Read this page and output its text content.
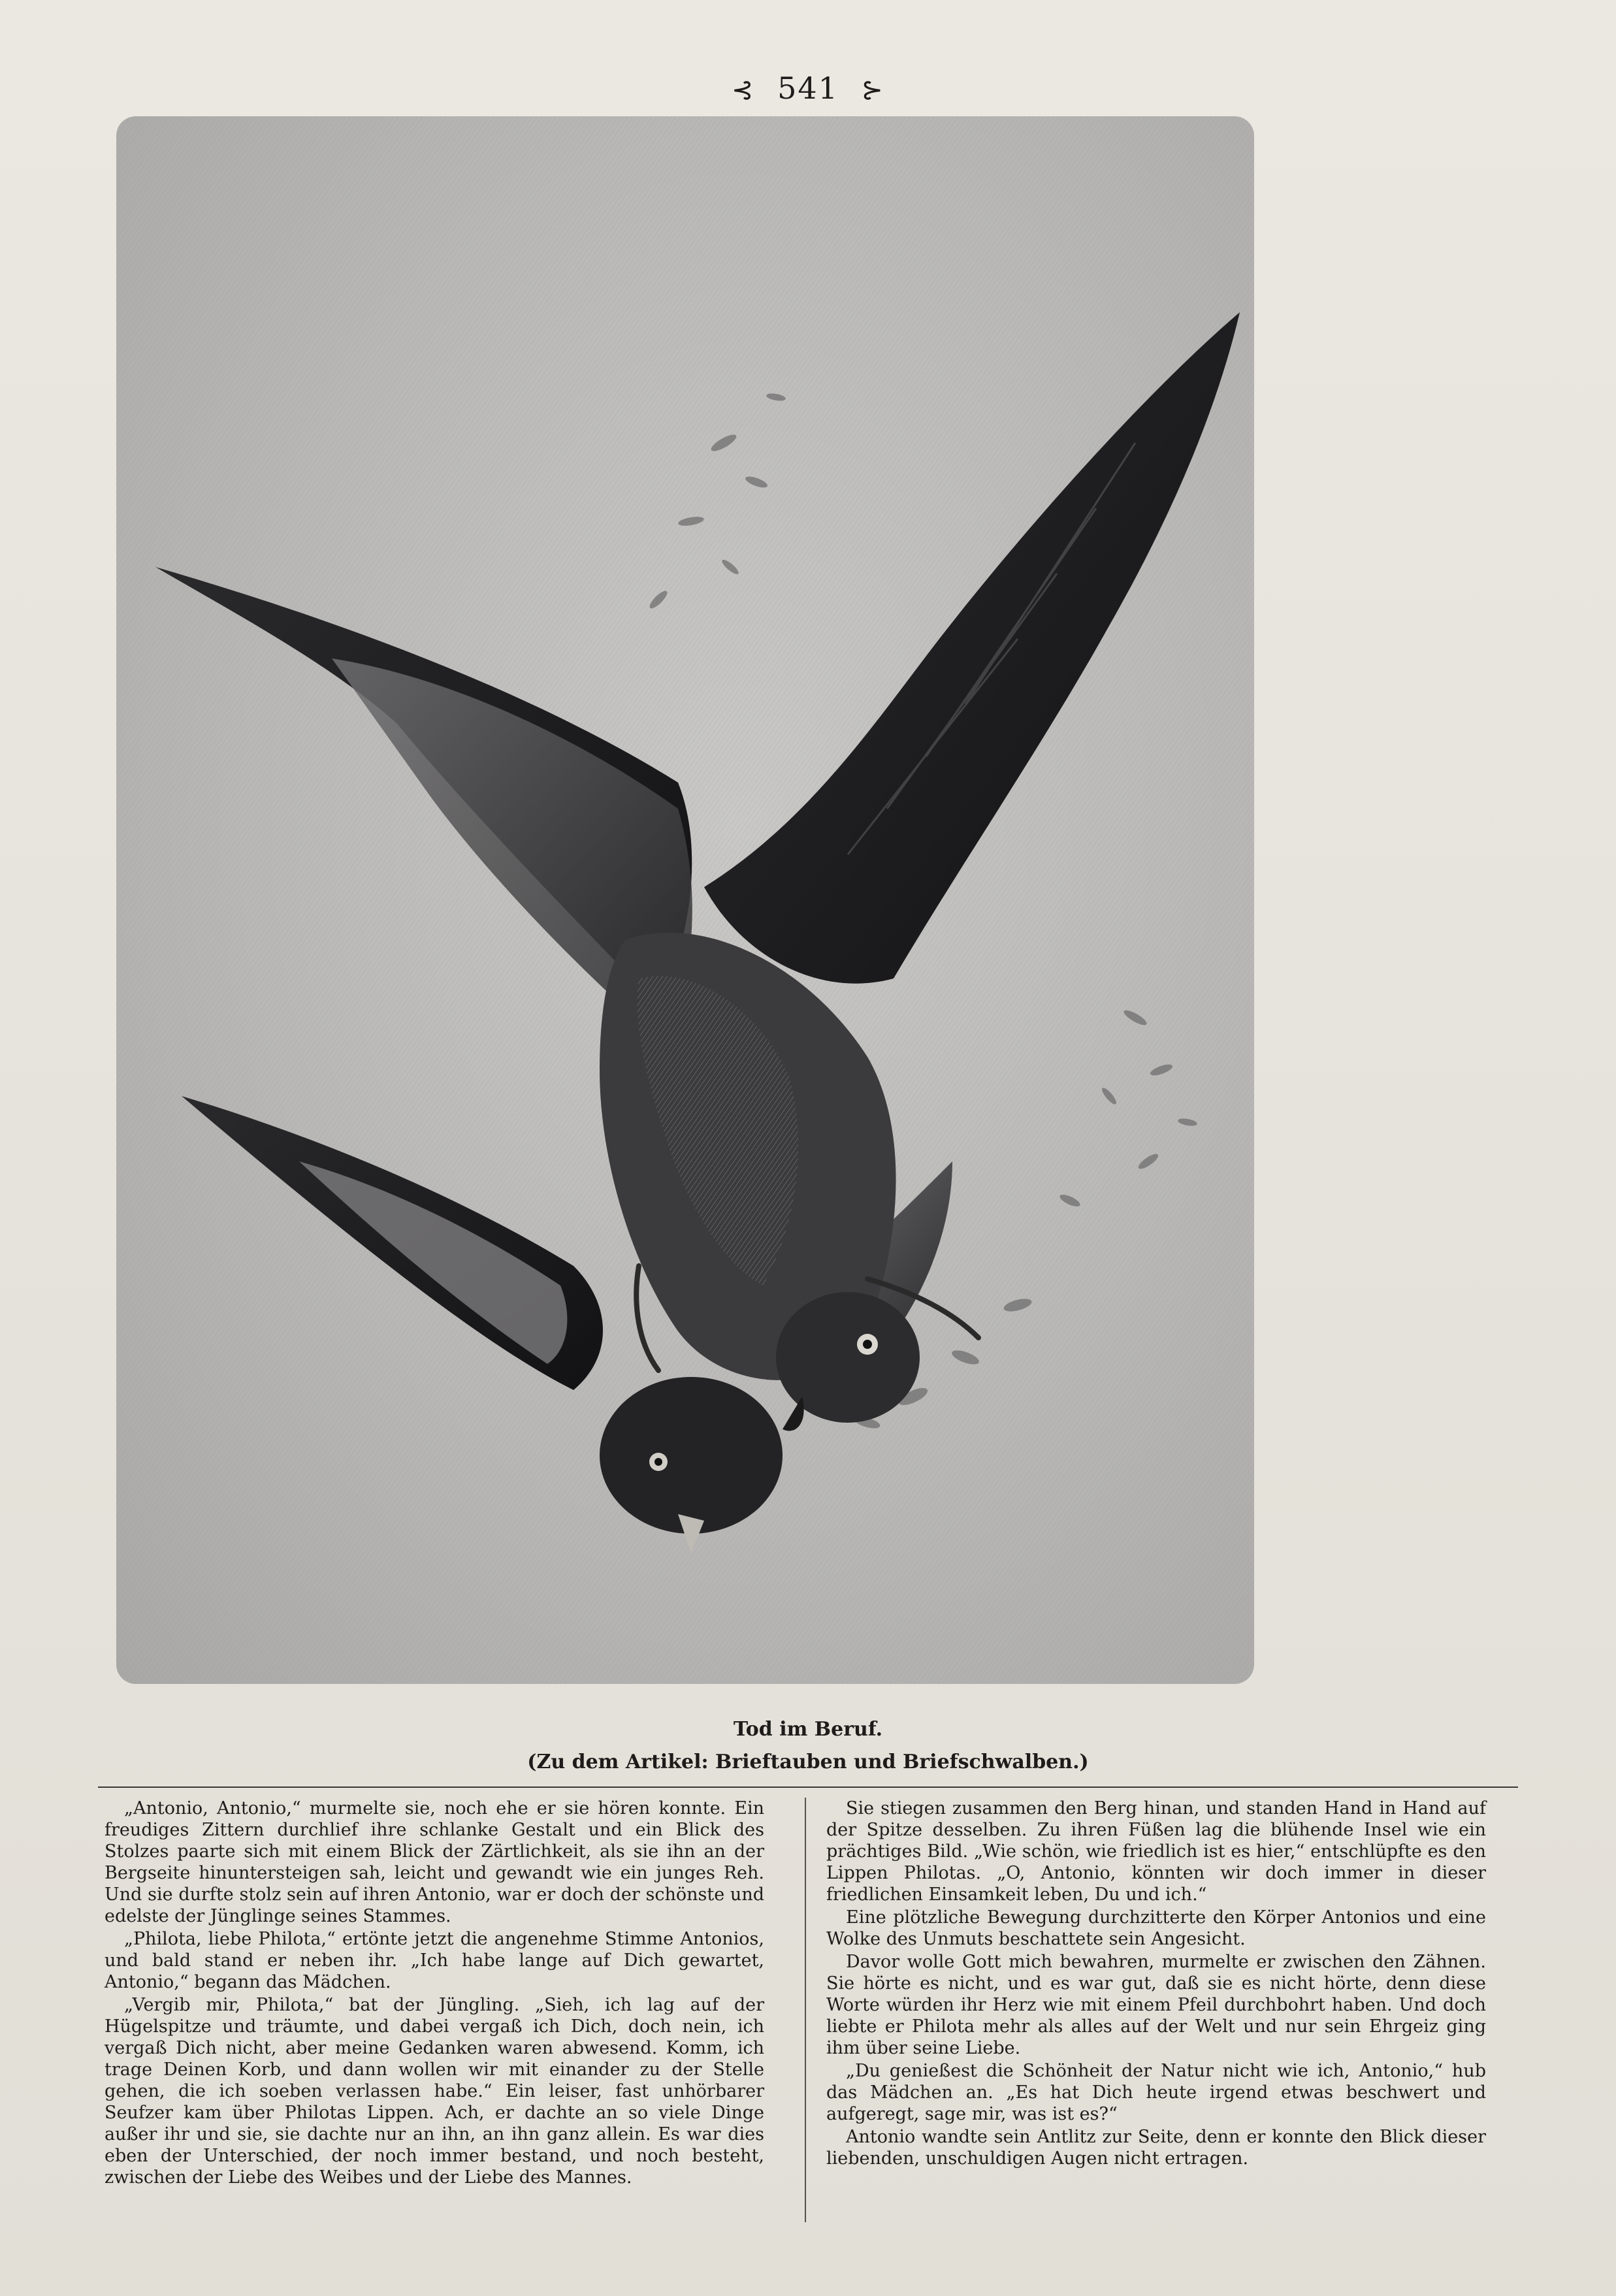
⊰ 541 ⊱
Tod im Beruf.
(Zu dem Artikel: Brieftauben und Briefschwalben.)

„Antonio, Antonio,“ murmelte sie, noch ehe er sie hören konnte. Ein freudiges Zittern durchlief ihre schlanke Gestalt und ein Blick des Stolzes paarte sich mit einem Blick der Zärtlichkeit, als sie ihn an der Bergseite hinuntersteigen sah, leicht und gewandt wie ein junges Reh. Und sie durfte stolz sein auf ihren Antonio, war er doch der schönste und edelste der Jünglinge seines Stammes.

„Philota, liebe Philota,“ ertönte jetzt die angenehme Stimme Antonios, und bald stand er neben ihr. „Ich habe lange auf Dich gewartet, Antonio,“ begann das Mädchen.

„Vergib mir, Philota,“ bat der Jüngling. „Sieh, ich lag auf der Hügelspitze und träumte, und dabei vergaß ich Dich, doch nein, ich vergaß Dich nicht, aber meine Gedanken waren abwesend. Komm, ich trage Deinen Korb, und dann wollen wir mit einander zu der Stelle gehen, die ich soeben verlassen habe.“ Ein leiser, fast unhörbarer Seufzer kam über Philotas Lippen. Ach, er dachte an so viele Dinge außer ihr und sie, sie dachte nur an ihn, an ihn ganz allein. Es war dies eben der Unterschied, der noch immer bestand, und noch besteht, zwischen der Liebe des Weibes und der Liebe des Mannes.

Sie stiegen zusammen den Berg hinan, und standen Hand in Hand auf der Spitze desselben. Zu ihren Füßen lag die blühende Insel wie ein prächtiges Bild. „Wie schön, wie friedlich ist es hier,“ entschlüpfte es den Lippen Philotas. „O, Antonio, könnten wir doch immer in dieser friedlichen Einsamkeit leben, Du und ich.“

Eine plötzliche Bewegung durchzitterte den Körper Antonios und eine Wolke des Unmuts beschattete sein Angesicht.

Davor wolle Gott mich bewahren, murmelte er zwischen den Zähnen. Sie hörte es nicht, und es war gut, daß sie es nicht hörte, denn diese Worte würden ihr Herz wie mit einem Pfeil durchbohrt haben. Und doch liebte er Philota mehr als alles auf der Welt und nur sein Ehrgeiz ging ihm über seine Liebe.

„Du genießest die Schönheit der Natur nicht wie ich, Antonio,“ hub das Mädchen an. „Es hat Dich heute irgend etwas beschwert und aufgeregt, sage mir, was ist es?“

Antonio wandte sein Antlitz zur Seite, denn er konnte den Blick dieser liebenden, unschuldigen Augen nicht ertragen.
